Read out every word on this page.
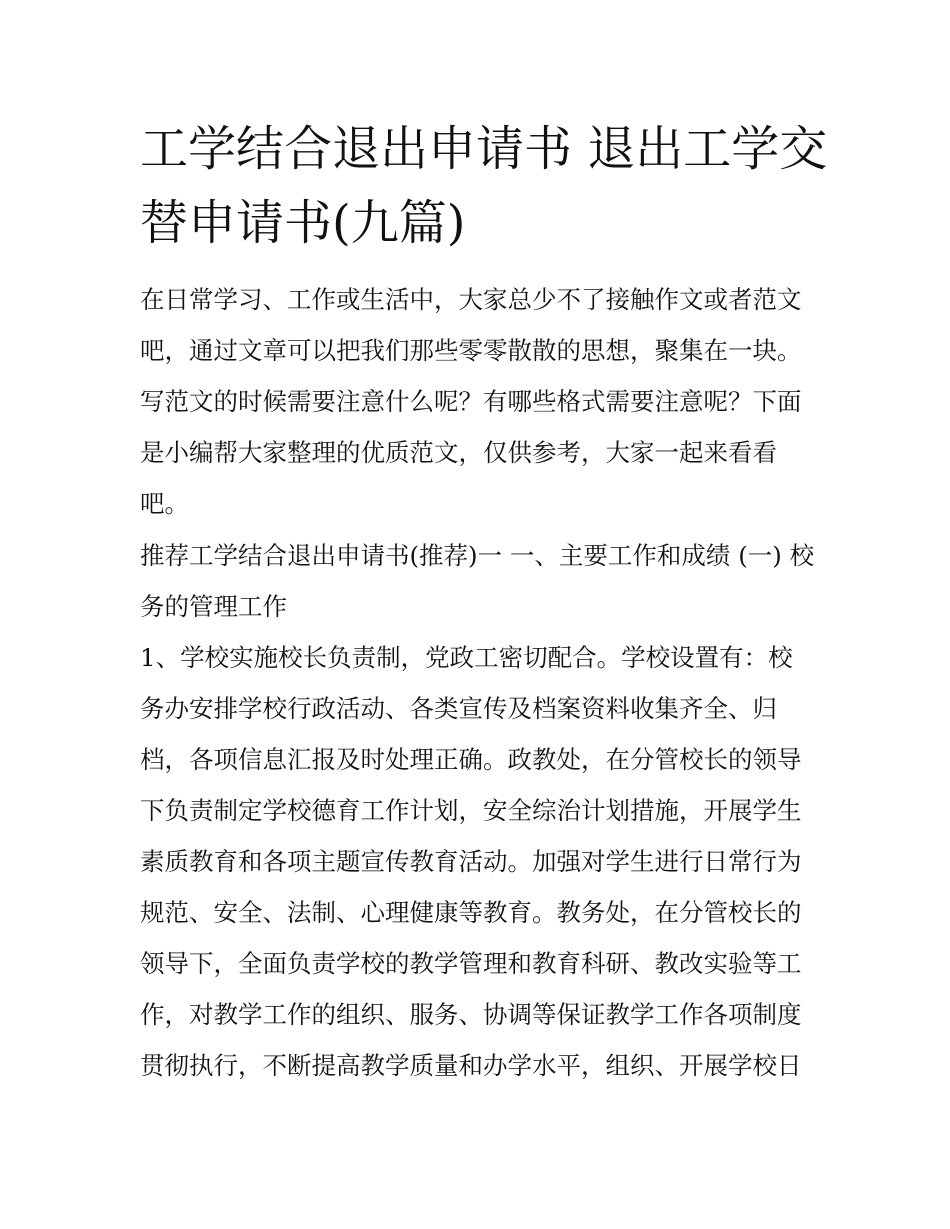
工学结合退出申请书 退出工学交替申请书(九篇)

在日常学习、工作或生活中，大家总少不了接触作文或者范文吧，通过文章可以把我们那些零零散散的思想，聚集在一块。写范文的时候需要注意什么呢？有哪些格式需要注意呢？下面是小编帮大家整理的优质范文，仅供参考，大家一起来看看吧。

推荐工学结合退出申请书(推荐)一 一、主要工作和成绩 (一) 校务的管理工作

1、学校实施校长负责制，党政工密切配合。学校设置有：校务办安排学校行政活动、各类宣传及档案资料收集齐全、归档，各项信息汇报及时处理正确。政教处，在分管校长的领导下负责制定学校德育工作计划，安全综治计划措施，开展学生素质教育和各项主题宣传教育活动。加强对学生进行日常行为规范、安全、法制、心理健康等教育。教务处，在分管校长的领导下，全面负责学校的教学管理和教育科研、教改实验等工作，对教学工作的组织、服务、协调等保证教学工作各项制度贯彻执行，不断提高教学质量和办学水平，组织、开展学校日
